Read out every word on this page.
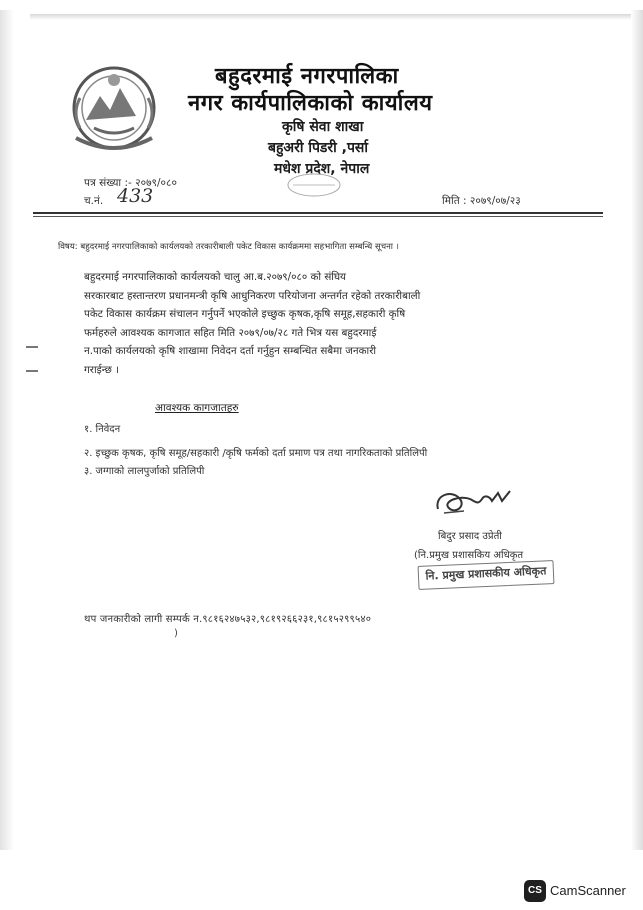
बहुदरमाई नगरपालिका
नगर कार्यपालिकाको कार्यालय
कृषि सेवा शाखा
बहुअरी पिडरी ,पर्सा
मधेश प्रदेश, नेपाल
पत्र संख्या :- २०७९/०८०
च.नं. 433	मिति : २०७९/०७/२३
विषय: बहुदरमाई नगरपालिकाको कार्यलयको तरकारीबाली पकेट विकास कार्यक्रममा सहभागिता सम्बन्धि सूचना ।
बहुदरमाई नगरपालिकाको कार्यलयको चालु आ.ब.२०७९/०८० को संघिय
सरकारबाट हस्तान्तरण प्रधानमन्त्री कृषि आधुनिकरण परियोजना अन्तर्गत रहेको तरकारीबाली
पकेट विकास कार्यक्रम संचालन गर्नुपर्ने भएकोले इच्छुक कृषक,कृषि समूह,सहकारी कृषि
फर्महरुले आवश्यक कागजात सहित मिति २०७९/०७/२८ गते भित्र यस बहुदरमाई
न.पाको कार्यलयको कृषि शाखामा निवेदन दर्ता गर्नुहुन सम्बन्धित सबैमा जनकारी
गराईन्छ ।
आवश्यक कागजातहरु
१. निवेदन
२. इच्छुक कृषक, कृषि समूह/सहकारी /कृषि फर्मको दर्ता प्रमाण पत्र तथा नागरिकताको प्रतिलिपी
३. जग्गाको लालपुर्जाको प्रतिलिपी
बिदुर प्रसाद उप्रेती
(नि.प्रमुख प्रशासकिय अधिकृत
नि. प्रमुख प्रशासकीय अधिकृत
थप जनकारीको लागी सम्पर्क न.९८१६२४७५३२,९८१९२६६२३१,९८१५२९९५४०
)
CS CamScanner
